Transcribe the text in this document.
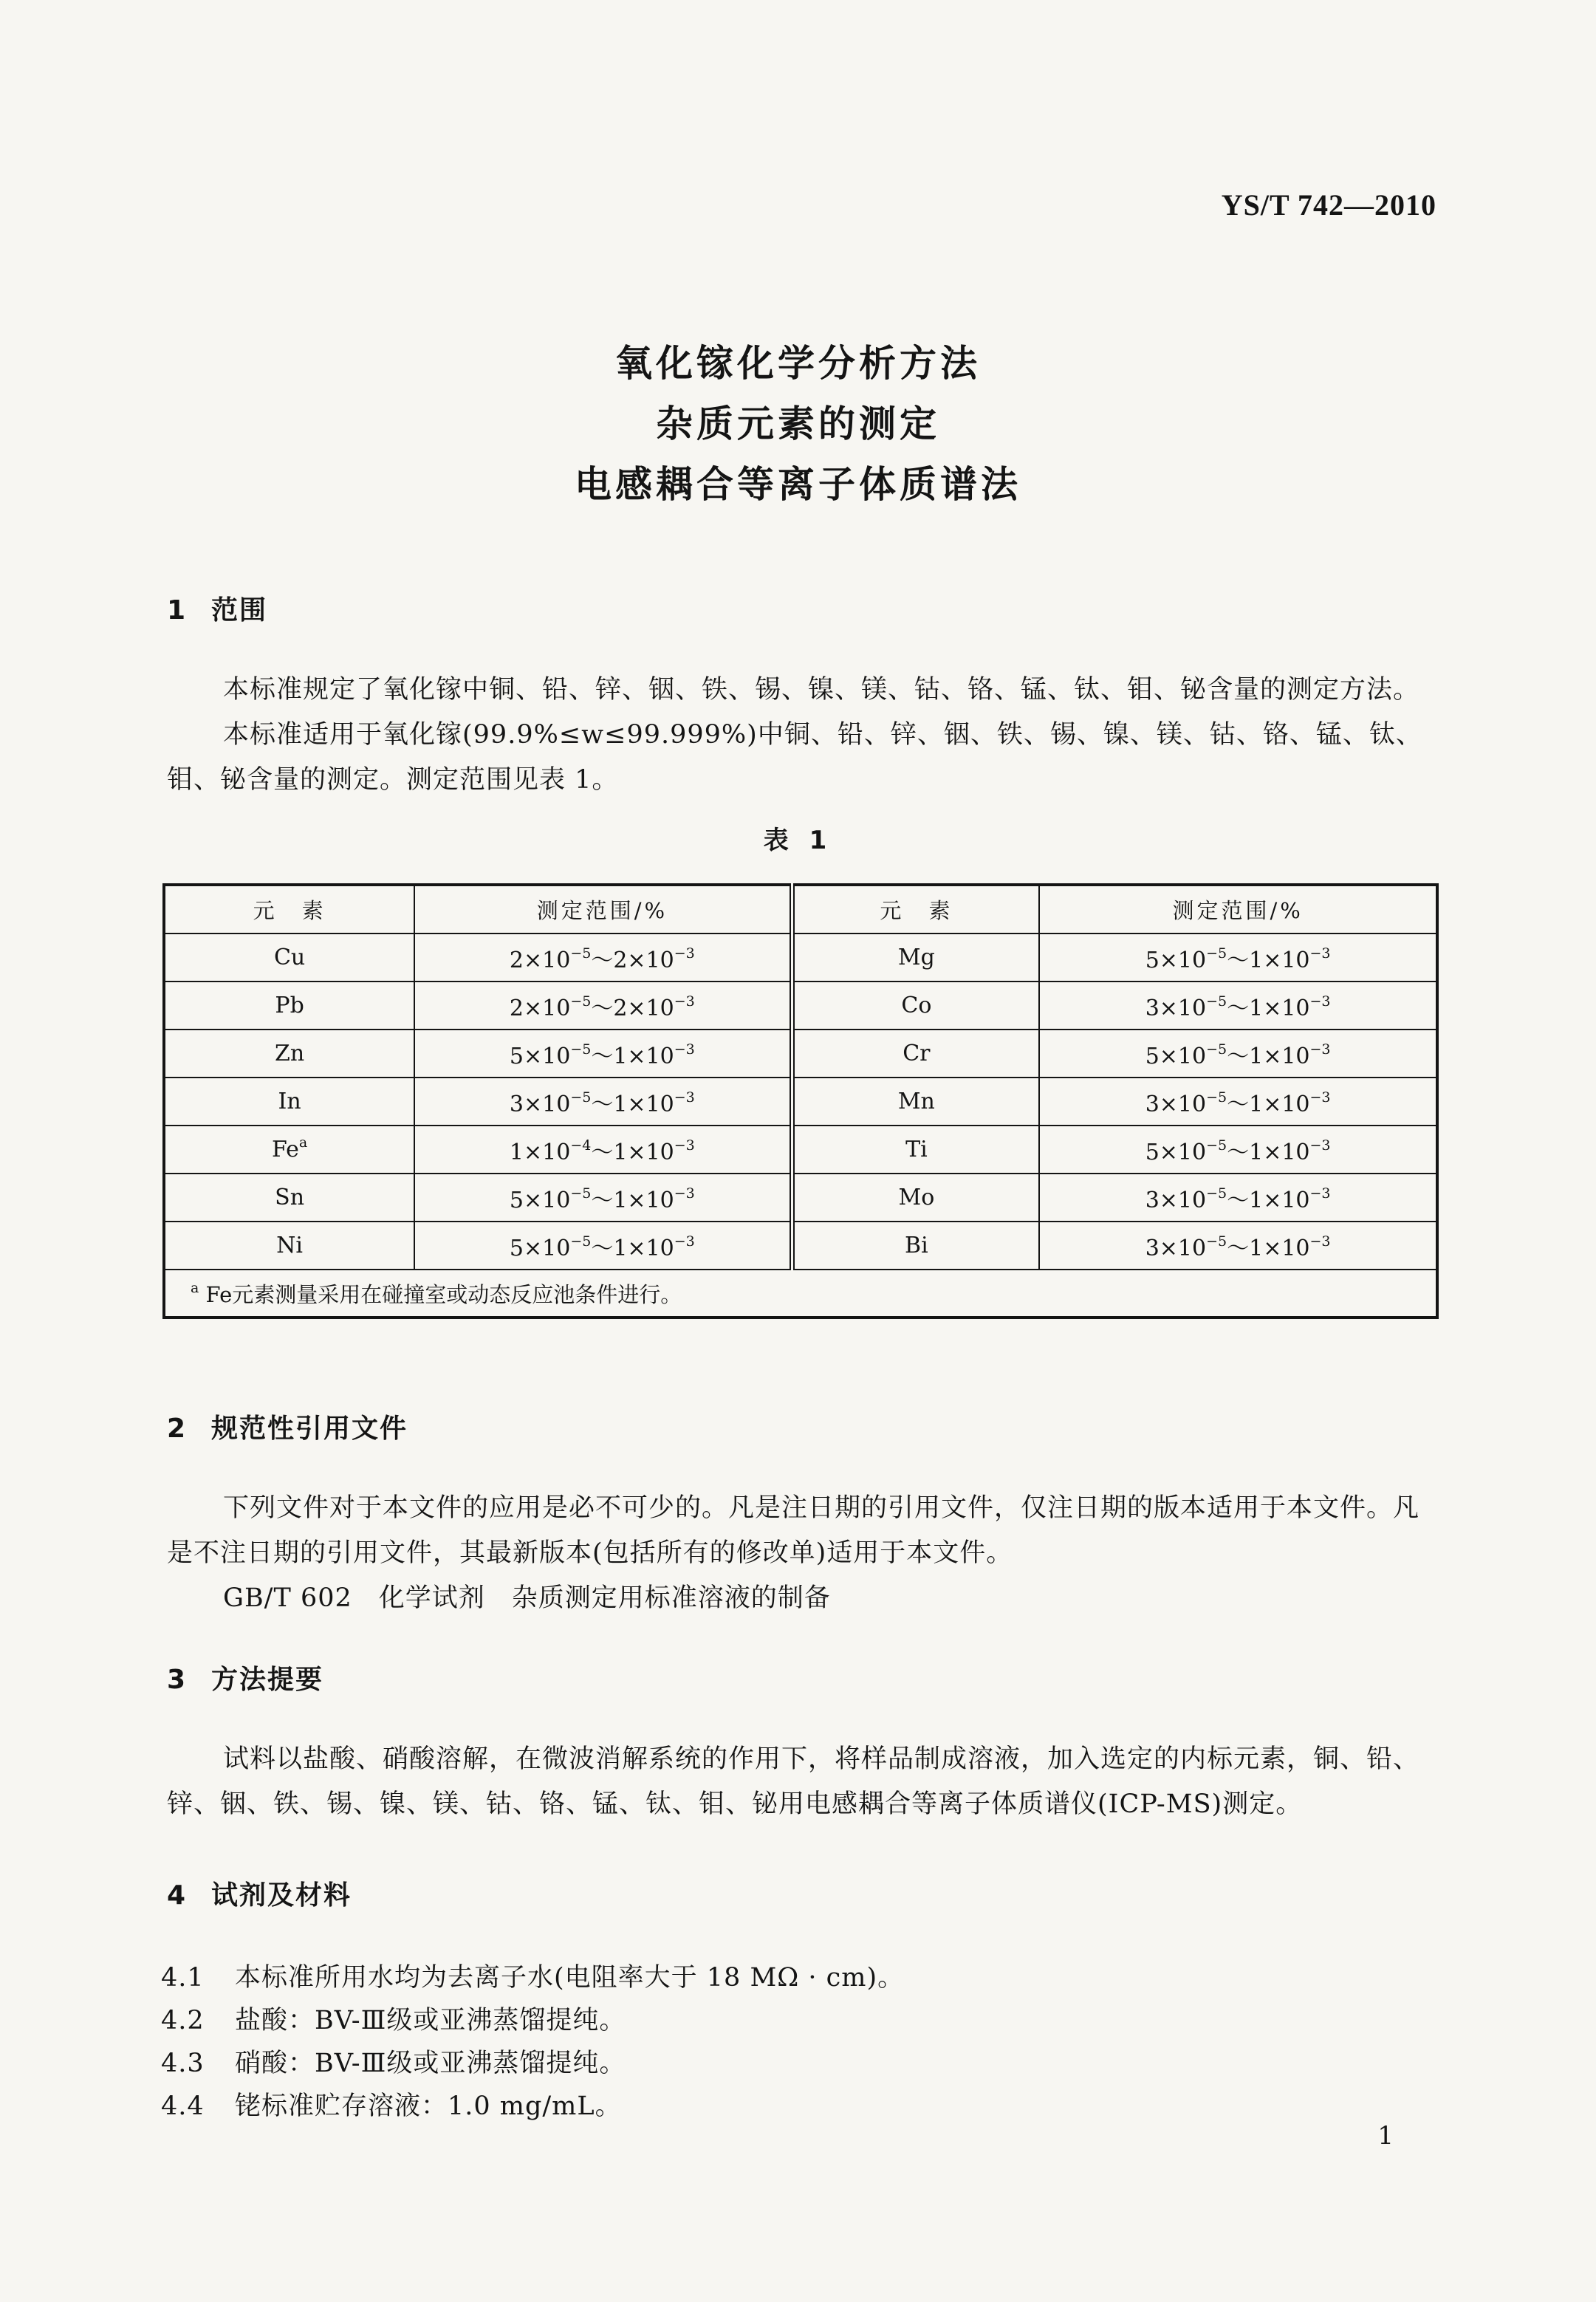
YS/T 742—2010
氧化镓化学分析方法
杂质元素的测定
电感耦合等离子体质谱法
1 范围
本标准规定了氧化镓中铜、铅、锌、铟、铁、锡、镍、镁、钴、铬、锰、钛、钼、铋含量的测定方法。
本标准适用于氧化镓(99.9%≤w≤99.999%)中铜、铅、锌、铟、铁、锡、镍、镁、钴、铬、锰、钛、钼、铋含量的测定。测定范围见表 1。
表 1
元　素	测定范围/%	元　素	测定范围/%
Cu	$2\times 10^{-5}\sim 2\times 10^{-3}$	Mg	$5\times 10^{-5}\sim 1\times 10^{-3}$
Pb	$2\times 10^{-5}\sim 2\times 10^{-3}$	Co	$3\times 10^{-5}\sim 1\times 10^{-3}$
Zn	$5\times 10^{-5}\sim 1\times 10^{-3}$	Cr	$5\times 10^{-5}\sim 1\times 10^{-3}$
In	$3\times 10^{-5}\sim 1\times 10^{-3}$	Mn	$3\times 10^{-5}\sim 1\times 10^{-3}$
Fe$^a$	$1\times 10^{-4}\sim 1\times 10^{-3}$	Ti	$5\times 10^{-5}\sim 1\times 10^{-3}$
Sn	$5\times 10^{-5}\sim 1\times 10^{-3}$	Mo	$3\times 10^{-5}\sim 1\times 10^{-3}$
Ni	$5\times 10^{-5}\sim 1\times 10^{-3}$	Bi	$3\times 10^{-5}\sim 1\times 10^{-3}$
$^a$ Fe元素测量采用在碰撞室或动态反应池条件进行。			
2 规范性引用文件
下列文件对于本文件的应用是必不可少的。凡是注日期的引用文件，仅注日期的版本适用于本文件。凡是不注日期的引用文件，其最新版本(包括所有的修改单)适用于本文件。
GB/T 602　化学试剂　杂质测定用标准溶液的制备
3 方法提要
试料以盐酸、硝酸溶解，在微波消解系统的作用下，将样品制成溶液，加入选定的内标元素，铜、铅、锌、铟、铁、锡、镍、镁、钴、铬、锰、钛、钼、铋用电感耦合等离子体质谱仪(ICP-MS)测定。
4 试剂及材料
4.1 本标准所用水均为去离子水(电阻率大于 18 MΩ · cm)。
4.2 盐酸：BV-Ⅲ级或亚沸蒸馏提纯。
4.3 硝酸：BV-Ⅲ级或亚沸蒸馏提纯。
4.4 铑标准贮存溶液：1.0 mg/mL。
1
